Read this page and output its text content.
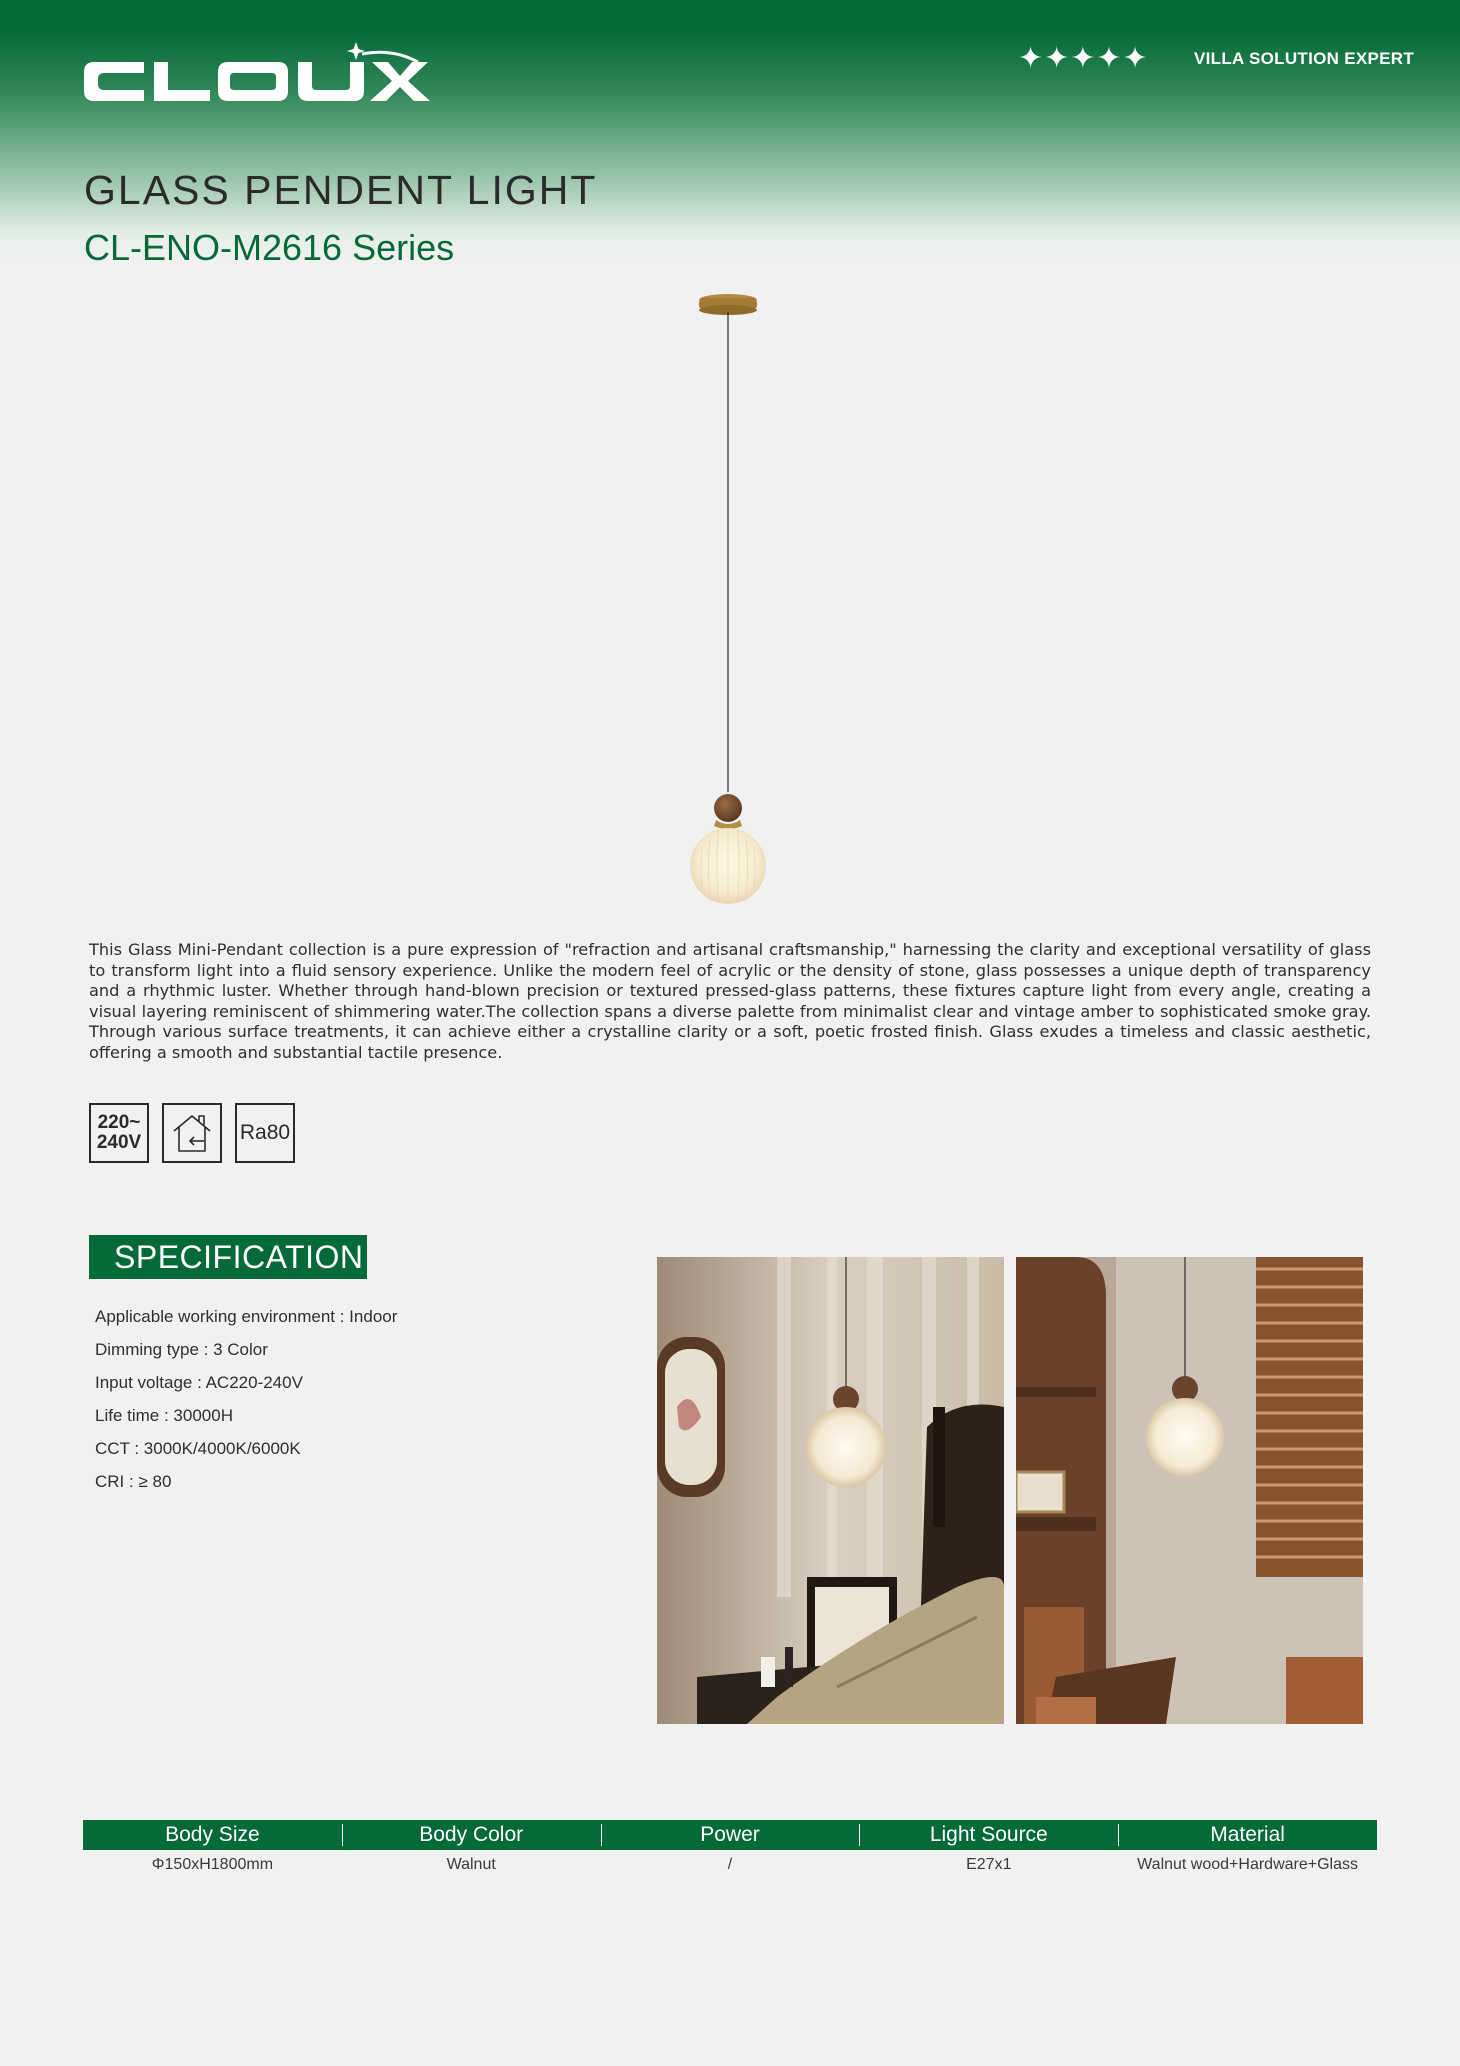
✦✦✦✦✦	VILLA SOLUTION EXPERT
GLASS PENDENT LIGHT
CL-ENO-M2616 Series

This Glass Mini-Pendant collection is a pure expression of "refraction and artisanal craftsmanship," harnessing the clarity and exceptional versatility of glass to transform light into a fluid sensory experience. Unlike the modern feel of acrylic or the density of stone, glass possesses a unique depth of transparency and a rhythmic luster. Whether through hand-blown precision or textured pressed-glass patterns, these fixtures capture light from every angle, creating a visual layering reminiscent of shimmering water.The collection spans a diverse palette from minimalist clear and vintage amber to sophisticated smoke gray. Through various surface treatments, it can achieve either a crystalline clarity or a soft, poetic frosted finish. Glass exudes a timeless and classic aesthetic, offering a smooth and substantial tactile presence.

220~
240V	Ra80
SPECIFICATION
Applicable working environment : Indoor
Dimming type : 3 Color
Input voltage : AC220-240V
Life time : 30000H
CCT : 3000K/4000K/6000K
CRI : ≥ 80
Body Size	Body Color	Power	Light Source	Material
Φ150xH1800mm	Walnut	/	E27x1	Walnut wood+Hardware+Glass
